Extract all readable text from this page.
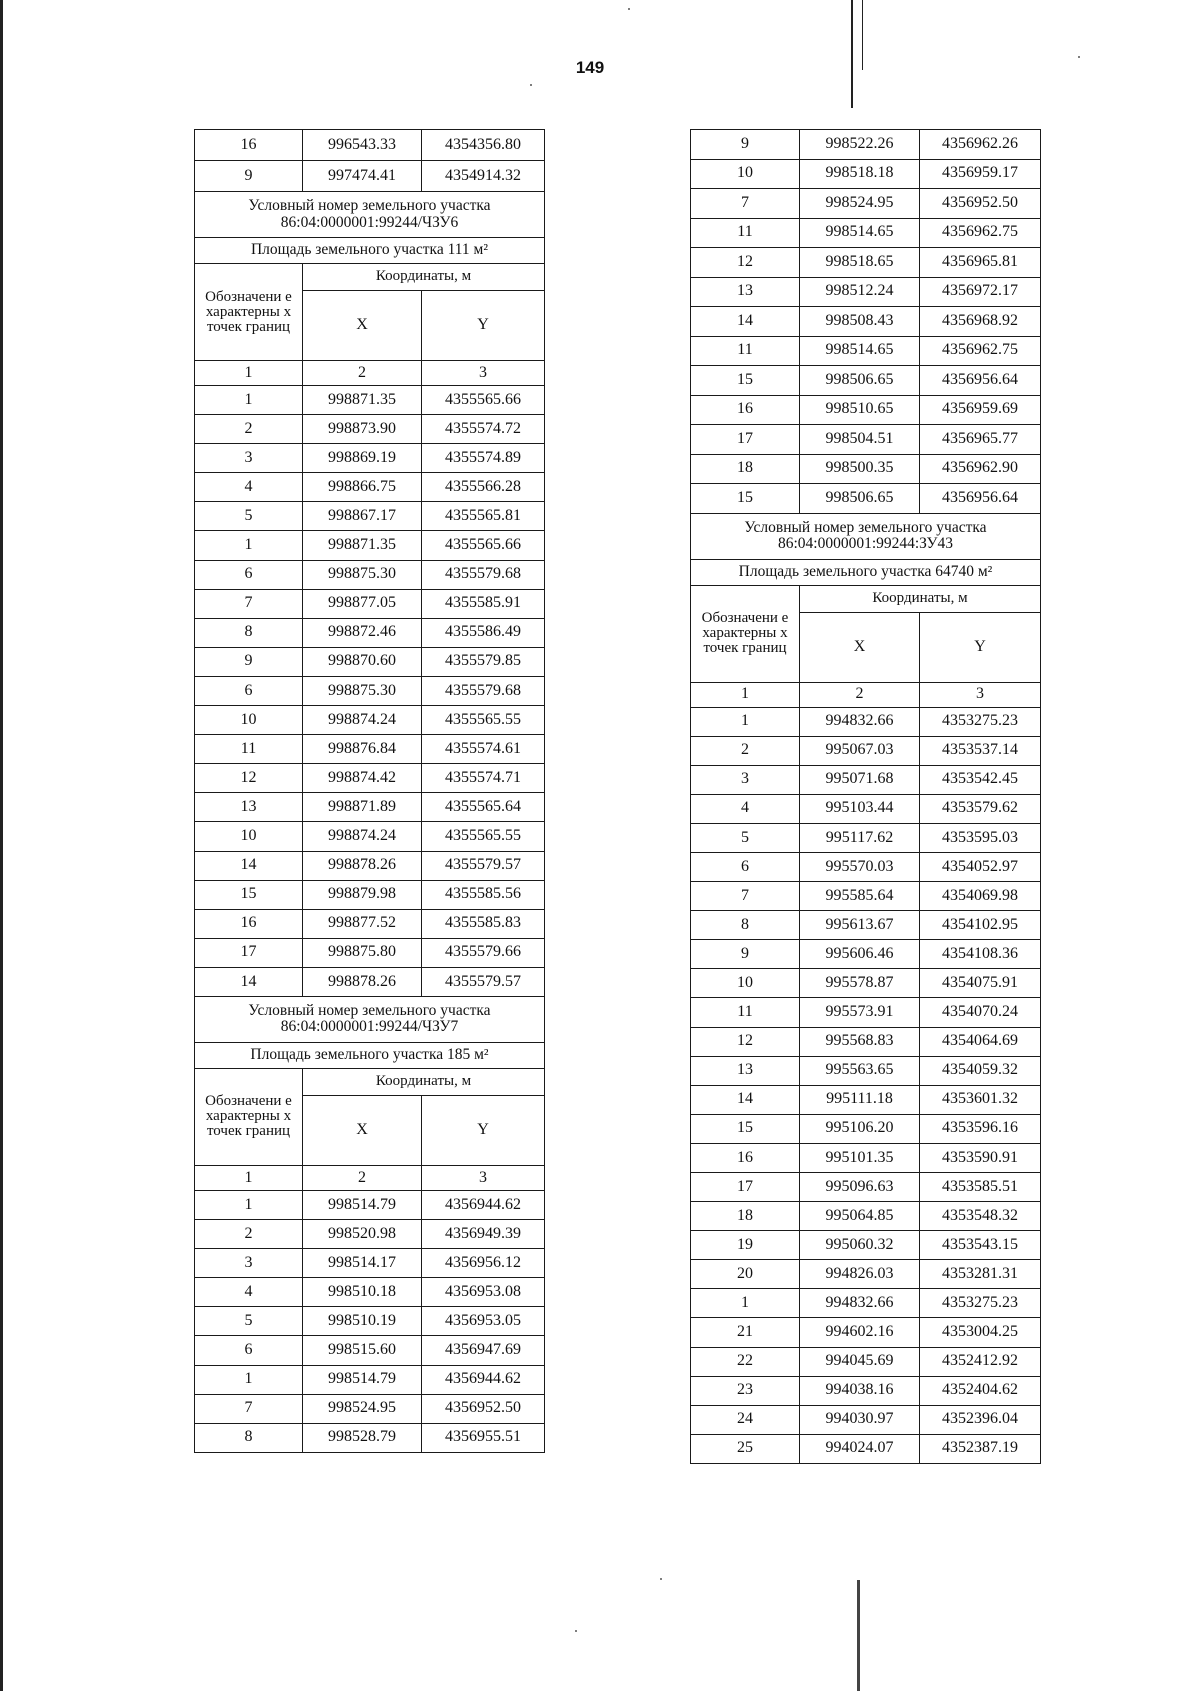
149
16	996543.33	4354356.80
9	997474.41	4354914.32

Условный номер земельного участка
86:04:0000001:99244/ЧЗУ6		

Площадь земельного участка 111 м²		
Обозначени е характерны х точек границ	Координаты, м	
	X	Y
1	2	3
1	998871.35	4355565.66
2	998873.90	4355574.72
3	998869.19	4355574.89
4	998866.75	4355566.28
5	998867.17	4355565.81
1	998871.35	4355565.66
6	998875.30	4355579.68
7	998877.05	4355585.91
8	998872.46	4355586.49
9	998870.60	4355579.85
6	998875.30	4355579.68
10	998874.24	4355565.55
11	998876.84	4355574.61
12	998874.42	4355574.71
13	998871.89	4355565.64
10	998874.24	4355565.55
14	998878.26	4355579.57
15	998879.98	4355585.56
16	998877.52	4355585.83
17	998875.80	4355579.66
14	998878.26	4355579.57

Условный номер земельного участка
86:04:0000001:99244/ЧЗУ7		

Площадь земельного участка 185 м²		
Обозначени е характерны х точек границ	Координаты, м	
	X	Y
1	2	3
1	998514.79	4356944.62
2	998520.98	4356949.39
3	998514.17	4356956.12
4	998510.18	4356953.08
5	998510.19	4356953.05
6	998515.60	4356947.69
1	998514.79	4356944.62
7	998524.95	4356952.50
8	998528.79	4356955.51
9	998522.26	4356962.26
10	998518.18	4356959.17
7	998524.95	4356952.50
11	998514.65	4356962.75
12	998518.65	4356965.81
13	998512.24	4356972.17
14	998508.43	4356968.92
11	998514.65	4356962.75
15	998506.65	4356956.64
16	998510.65	4356959.69
17	998504.51	4356965.77
18	998500.35	4356962.90
15	998506.65	4356956.64

Условный номер земельного участка
86:04:0000001:99244:ЗУ43		

Площадь земельного участка 64740 м²		
Обозначени е характерны х точек границ	Координаты, м	
	X	Y
1	2	3
1	994832.66	4353275.23
2	995067.03	4353537.14
3	995071.68	4353542.45
4	995103.44	4353579.62
5	995117.62	4353595.03
6	995570.03	4354052.97
7	995585.64	4354069.98
8	995613.67	4354102.95
9	995606.46	4354108.36
10	995578.87	4354075.91
11	995573.91	4354070.24
12	995568.83	4354064.69
13	995563.65	4354059.32
14	995111.18	4353601.32
15	995106.20	4353596.16
16	995101.35	4353590.91
17	995096.63	4353585.51
18	995064.85	4353548.32
19	995060.32	4353543.15
20	994826.03	4353281.31
1	994832.66	4353275.23
21	994602.16	4353004.25
22	994045.69	4352412.92
23	994038.16	4352404.62
24	994030.97	4352396.04
25	994024.07	4352387.19
